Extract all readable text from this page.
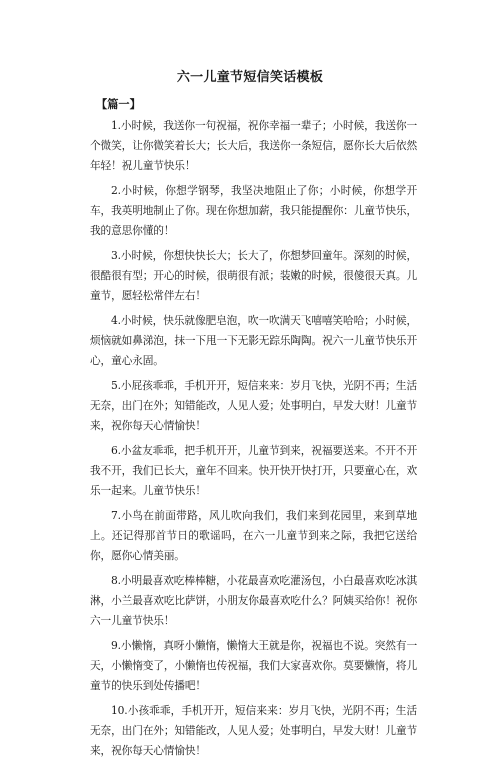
六一儿童节短信笑话模板
【篇一】

1.小时候，我送你一句祝福，祝你幸福一辈子；小时候，我送你一个微笑，让你微笑着长大；长大后，我送你一条短信，愿你长大后依然年轻！祝儿童节快乐！

2.小时候，你想学钢琴，我坚决地阻止了你；小时候，你想学开车，我英明地制止了你。现在你想加薪，我只能提醒你：儿童节快乐，我的意思你懂的！

3.小时候，你想快快长大；长大了，你想梦回童年。深刻的时候，很酷很有型；开心的时候，很萌很有派；装嫩的时候，很傻很天真。儿童节，愿轻松常伴左右！

4.小时候，快乐就像肥皂泡，吹一吹满天飞嘻嘻笑哈哈；小时候，烦恼就如鼻涕泡，抹一下甩一下无影无踪乐陶陶。祝六一儿童节快乐开心，童心永固。

5.小屁孩乖乖，手机开开，短信来来：岁月飞快，光阴不再；生活无奈，出门在外；知错能改，人见人爱；处事明白，早发大财！儿童节来，祝你每天心情愉快！

6.小盆友乖乖，把手机开开，儿童节到来，祝福要送来。不开不开我不开，我们已长大，童年不回来。快开快开快打开，只要童心在，欢乐一起来。儿童节快乐！

7.小鸟在前面带路，风儿吹向我们，我们来到花园里，来到草地上。还记得那首节日的歌谣吗，在六一儿童节到来之际，我把它送给你，愿你心情美丽。

8.小明最喜欢吃棒棒糖，小花最喜欢吃灌汤包，小白最喜欢吃冰淇淋，小兰最喜欢吃比萨饼，小朋友你最喜欢吃什么？阿姨买给你！祝你六一儿童节快乐！

9.小懒惰，真呀小懒惰，懒惰大王就是你，祝福也不说。突然有一天，小懒惰变了，小懒惰也传祝福，我们大家喜欢你。莫要懒惰，将儿童节的快乐到处传播吧！

10.小孩乖乖，手机开开，短信来来：岁月飞快，光阴不再；生活无奈，出门在外；知错能改，人见人爱；处事明白，早发大财！儿童节来，祝你每天心情愉快！
